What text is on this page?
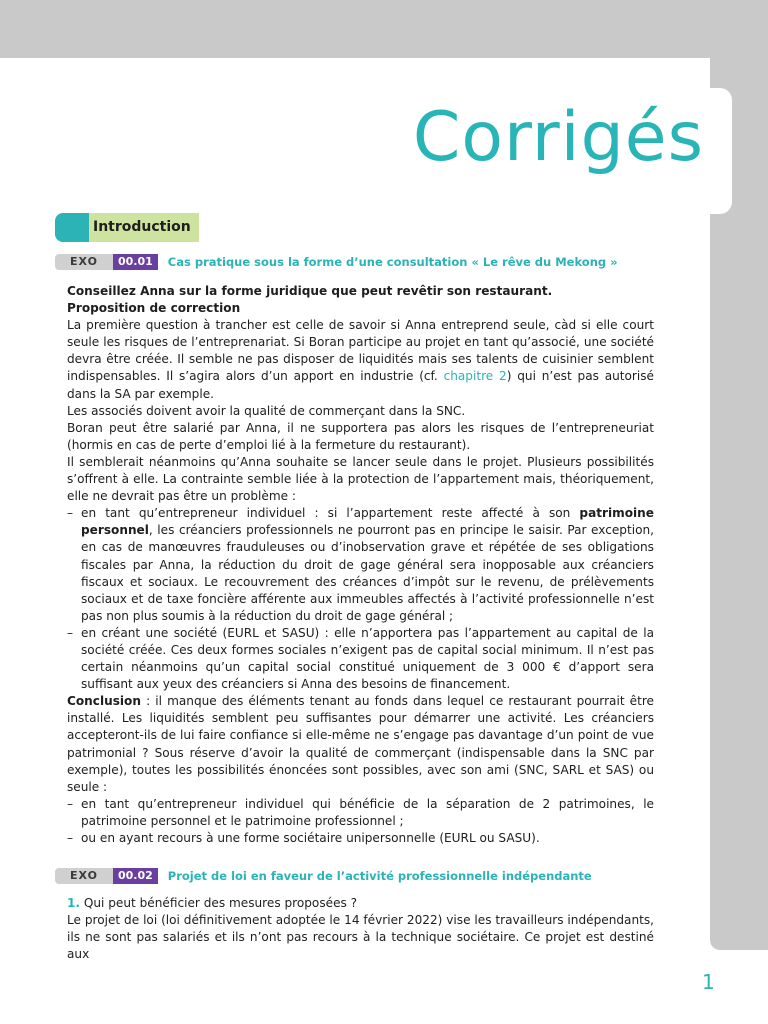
Corrigés
Introduction
EXO	00.01	Cas pratique sous la forme d’une consultation « Le rêve du Mekong »

Conseillez Anna sur la forme juridique que peut revêtir son restaurant.

Proposition de correction

La première question à trancher est celle de savoir si Anna entreprend seule, càd si elle court seule les risques de l’entreprenariat. Si Boran participe au projet en tant qu’associé, une société devra être créée. Il semble ne pas disposer de liquidités mais ses talents de cuisinier semblent indispensables. Il s’agira alors d’un apport en industrie (cf. chapitre 2) qui n’est pas autorisé dans la SA par exemple.

Les associés doivent avoir la qualité de commerçant dans la SNC.

Boran peut être salarié par Anna, il ne supportera pas alors les risques de l’entrepreneuriat (hormis en cas de perte d’emploi lié à la fermeture du restaurant).

Il semblerait néanmoins qu’Anna souhaite se lancer seule dans le projet. Plusieurs possibilités s’offrent à elle. La contrainte semble liée à la protection de l’appartement mais, théoriquement, elle ne devrait pas être un problème :

– en tant qu’entrepreneur individuel : si l’appartement reste affecté à son patrimoine personnel, les créanciers professionnels ne pourront pas en principe le saisir. Par exception, en cas de manœuvres frauduleuses ou d’inobservation grave et répétée de ses obligations fiscales par Anna, la réduction du droit de gage général sera inopposable aux créanciers fiscaux et sociaux. Le recouvrement des créances d’impôt sur le revenu, de prélèvements sociaux et de taxe foncière afférente aux immeubles affectés à l’activité professionnelle n’est pas non plus soumis à la réduction du droit de gage général ;
– en créant une société (EURL et SASU) : elle n’apportera pas l’appartement au capital de la société créée. Ces deux formes sociales n’exigent pas de capital social minimum. Il n’est pas certain néanmoins qu’un capital social constitué uniquement de 3 000 € d’apport sera suffisant aux yeux des créanciers si Anna des besoins de financement.

Conclusion : il manque des éléments tenant au fonds dans lequel ce restaurant pourrait être installé. Les liquidités semblent peu suffisantes pour démarrer une activité. Les créanciers accepteront-ils de lui faire confiance si elle-même ne s’engage pas davantage d’un point de vue patrimonial ? Sous réserve d’avoir la qualité de commerçant (indispensable dans la SNC par exemple), toutes les possibilités énoncées sont possibles, avec son ami (SNC, SARL et SAS) ou seule :

– en tant qu’entrepreneur individuel qui bénéficie de la séparation de 2 patrimoines, le patrimoine personnel et le patrimoine professionnel ;
– ou en ayant recours à une forme sociétaire unipersonnelle (EURL ou SASU).
EXO	00.02	Projet de loi en faveur de l’activité professionnelle indépendante

1. Qui peut bénéficier des mesures proposées ?

Le projet de loi (loi définitivement adoptée le 14 février 2022) vise les travailleurs indépendants, ils ne sont pas salariés et ils n’ont pas recours à la technique sociétaire. Ce projet est destiné aux

1
